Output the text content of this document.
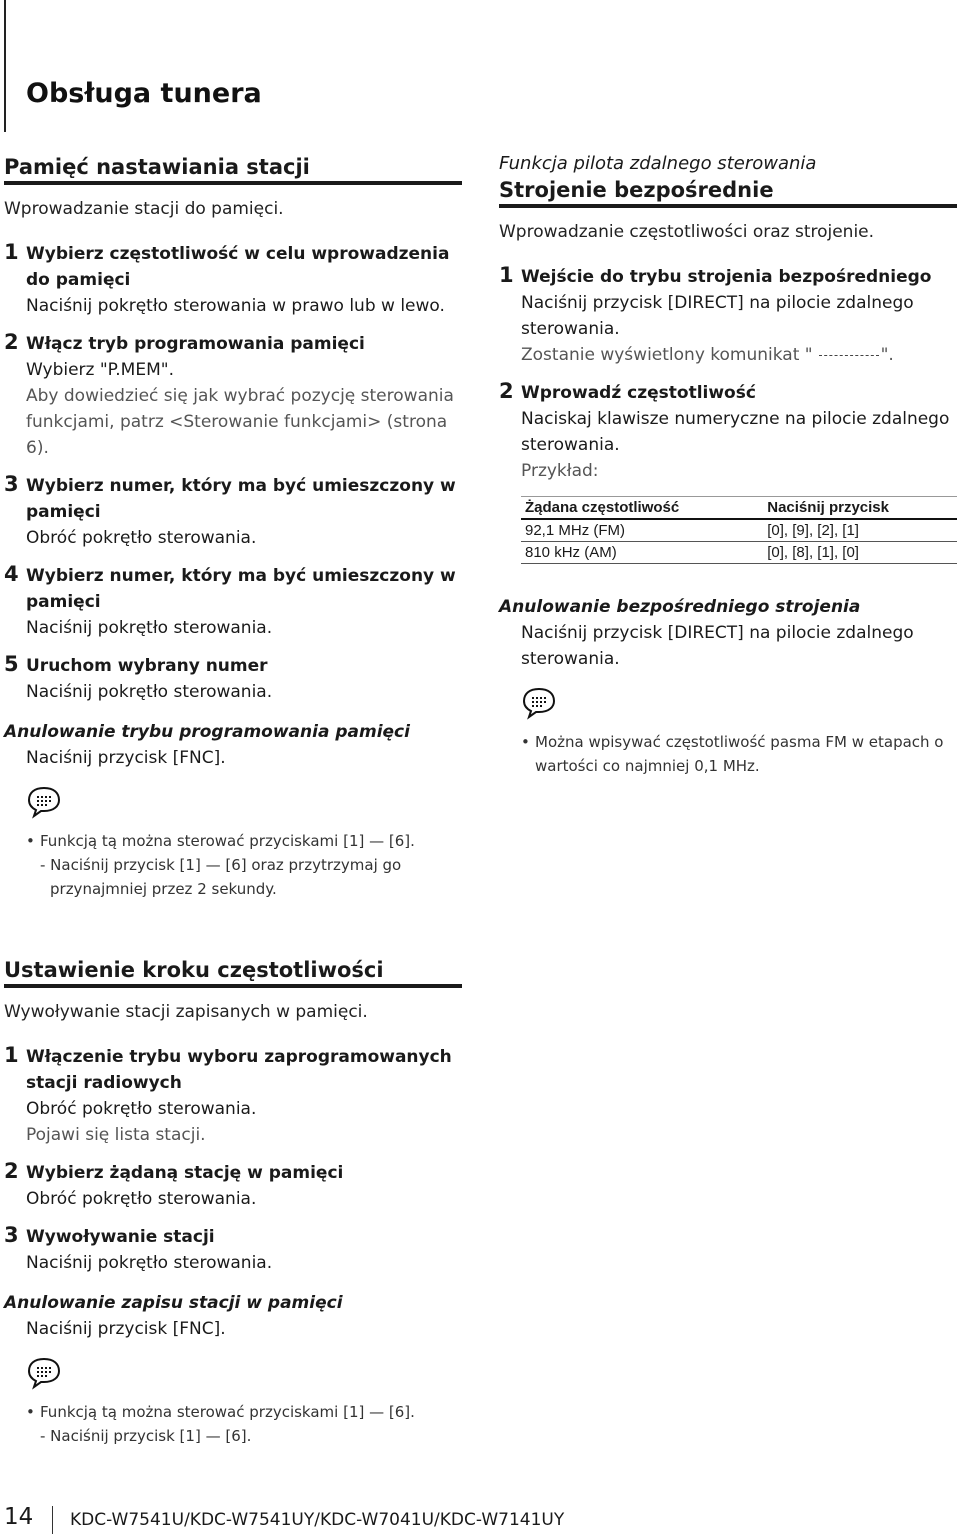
Obsługa tunera
Pamięć nastawiania stacji
Wprowadzanie stacji do pamięci.
1 Wybierz częstotliwość w celu wprowadzenia do pamięci
Naciśnij pokrętło sterowania w prawo lub w lewo.
2 Włącz tryb programowania pamięci
Wybierz "P.MEM".
Aby dowiedzieć się jak wybrać pozycję sterowania funkcjami, patrz <Sterowanie funkcjami> (strona 6).
3 Wybierz numer, który ma być umieszczony w pamięci
Obróć pokrętło sterowania.
4 Wybierz numer, który ma być umieszczony w pamięci
Naciśnij pokrętło sterowania.
5 Uruchom wybrany numer
Naciśnij pokrętło sterowania.
Anulowanie trybu programowania pamięci
Naciśnij przycisk [FNC].
• Funkcją tą można sterować przyciskami [1] — [6].
- Naciśnij przycisk [1] — [6] oraz przytrzymaj go
przynajmniej przez 2 sekundy.
Ustawienie kroku częstotliwości
Wywoływanie stacji zapisanych w pamięci.
1 Włączenie trybu wyboru zaprogramowanych stacji radiowych
Obróć pokrętło sterowania.
Pojawi się lista stacji.
2 Wybierz żądaną stację w pamięci
Obróć pokrętło sterowania.
3 Wywoływanie stacji
Naciśnij pokrętło sterowania.
Anulowanie zapisu stacji w pamięci
Naciśnij przycisk [FNC].
• Funkcją tą można sterować przyciskami [1] — [6].
- Naciśnij przycisk [1] — [6].
Funkcja pilota zdalnego sterowania
Strojenie bezpośrednie
Wprowadzanie częstotliwości oraz strojenie.
1 Wejście do trybu strojenia bezpośredniego
Naciśnij przycisk [DIRECT] na pilocie zdalnego sterowania.
Zostanie wyświetlony komunikat "	".
2 Wprowadź częstotliwość
Naciskaj klawisze numeryczne na pilocie zdalnego sterowania.
Przykład:
Żądana częstotliwość	Naciśnij przycisk
92,1 MHz (FM)	[0], [9], [2], [1]
810 kHz (AM)	[0], [8], [1], [0]
Anulowanie bezpośredniego strojenia
Naciśnij przycisk [DIRECT] na pilocie zdalnego sterowania.
• Można wpisywać częstotliwość pasma FM w etapach o
wartości co najmniej 0,1 MHz.
14 KDC-W7541U/KDC-W7541UY/KDC-W7041U/KDC-W7141UY
